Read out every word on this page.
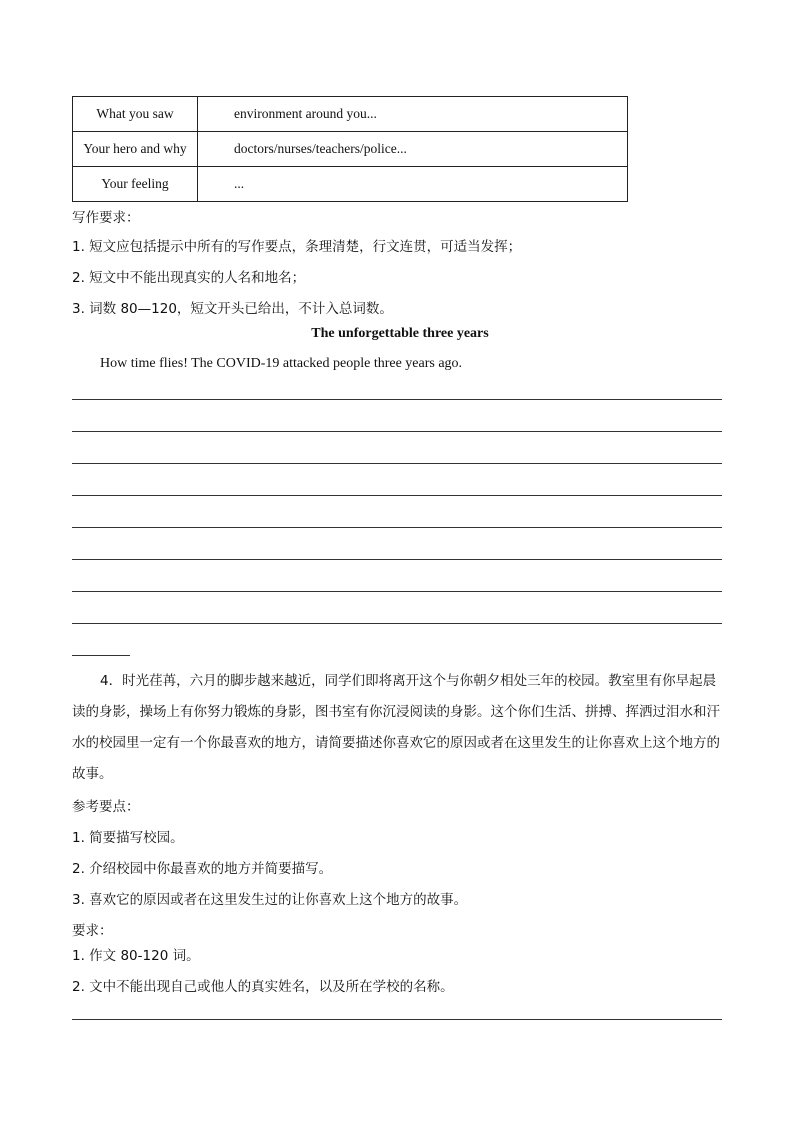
What you saw	environment around you...
Your hero and why	doctors/nurses/teachers/police...
Your feeling	...
写作要求：
1. 短文应包括提示中所有的写作要点，条理清楚，行文连贯，可适当发挥；
2. 短文中不能出现真实的人名和地名；
3. 词数 80—120，短文开头已给出，不计入总词数。
The unforgettable three years
How time flies! The COVID-19 attacked people three years ago.
4．时光荏苒，六月的脚步越来越近，同学们即将离开这个与你朝夕相处三年的校园。教室里有你早起晨读的身影，操场上有你努力锻炼的身影，图书室有你沉浸阅读的身影。这个你们生活、拼搏、挥洒过泪水和汗水的校园里一定有一个你最喜欢的地方，请简要描述你喜欢它的原因或者在这里发生的让你喜欢上这个地方的故事。
参考要点：
1. 简要描写校园。
2. 介绍校园中你最喜欢的地方并简要描写。
3. 喜欢它的原因或者在这里发生过的让你喜欢上这个地方的故事。
要求：
1. 作文 80-120 词。
2. 文中不能出现自己或他人的真实姓名，以及所在学校的名称。
